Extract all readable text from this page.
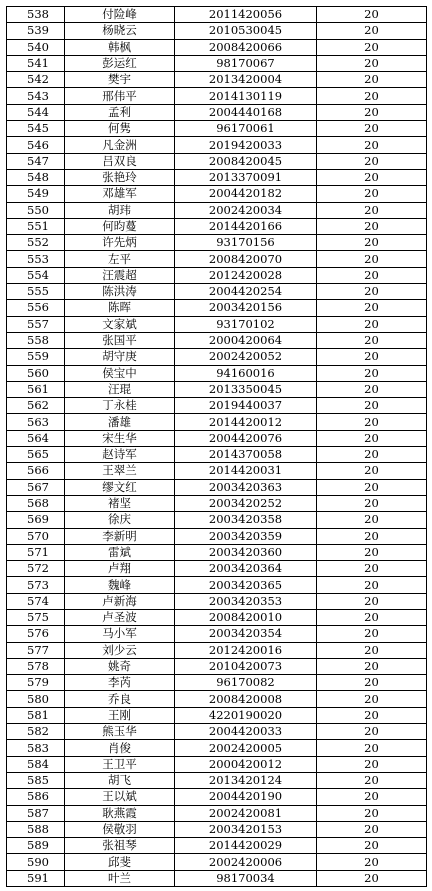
538	付险峰	2011420056	20
539	杨晓云	2010530045	20
540	韩枫	2008420066	20
541	彭运红	98170067	20
542	樊宇	2013420004	20
543	邢伟平	2014130119	20
544	孟利	2004440168	20
545	何隽	96170061	20
546	凡金洲	2019420033	20
547	吕双良	2008420045	20
548	张艳玲	2013370091	20
549	邓雄军	2004420182	20
550	胡玮	2002420034	20
551	何昀蔓	2014420166	20
552	许先炳	93170156	20
553	左平	2008420070	20
554	汪震超	2012420028	20
555	陈洪涛	2004420254	20
556	陈晖	2003420156	20
557	文家斌	93170102	20
558	张国平	2000420064	20
559	胡守庚	2002420052	20
560	侯宝中	94160016	20
561	汪琨	2013350045	20
562	丁永桂	2019440037	20
563	潘雄	2014420012	20
564	宋生华	2004420076	20
565	赵诗军	2014370058	20
566	王翠兰	2014420031	20
567	缪文红	2003420363	20
568	褚坚	2003420252	20
569	徐庆	2003420358	20
570	李新明	2003420359	20
571	雷斌	2003420360	20
572	卢翔	2003420364	20
573	魏峰	2003420365	20
574	卢新海	2003420353	20
575	卢圣波	2008420010	20
576	马小军	2003420354	20
577	刘少云	2012420016	20
578	姚奇	2010420073	20
579	李芮	96170082	20
580	乔良	2008420008	20
581	王刚	4220190020	20
582	熊玉华	2004420033	20
583	肖俊	2002420005	20
584	王卫平	2000420012	20
585	胡飞	2013420124	20
586	王以斌	2004420190	20
587	耿燕霞	2002420081	20
588	侯敬羽	2003420153	20
589	张祖琴	2014420029	20
590	邱斐	2002420006	20
591	叶兰	98170034	20
